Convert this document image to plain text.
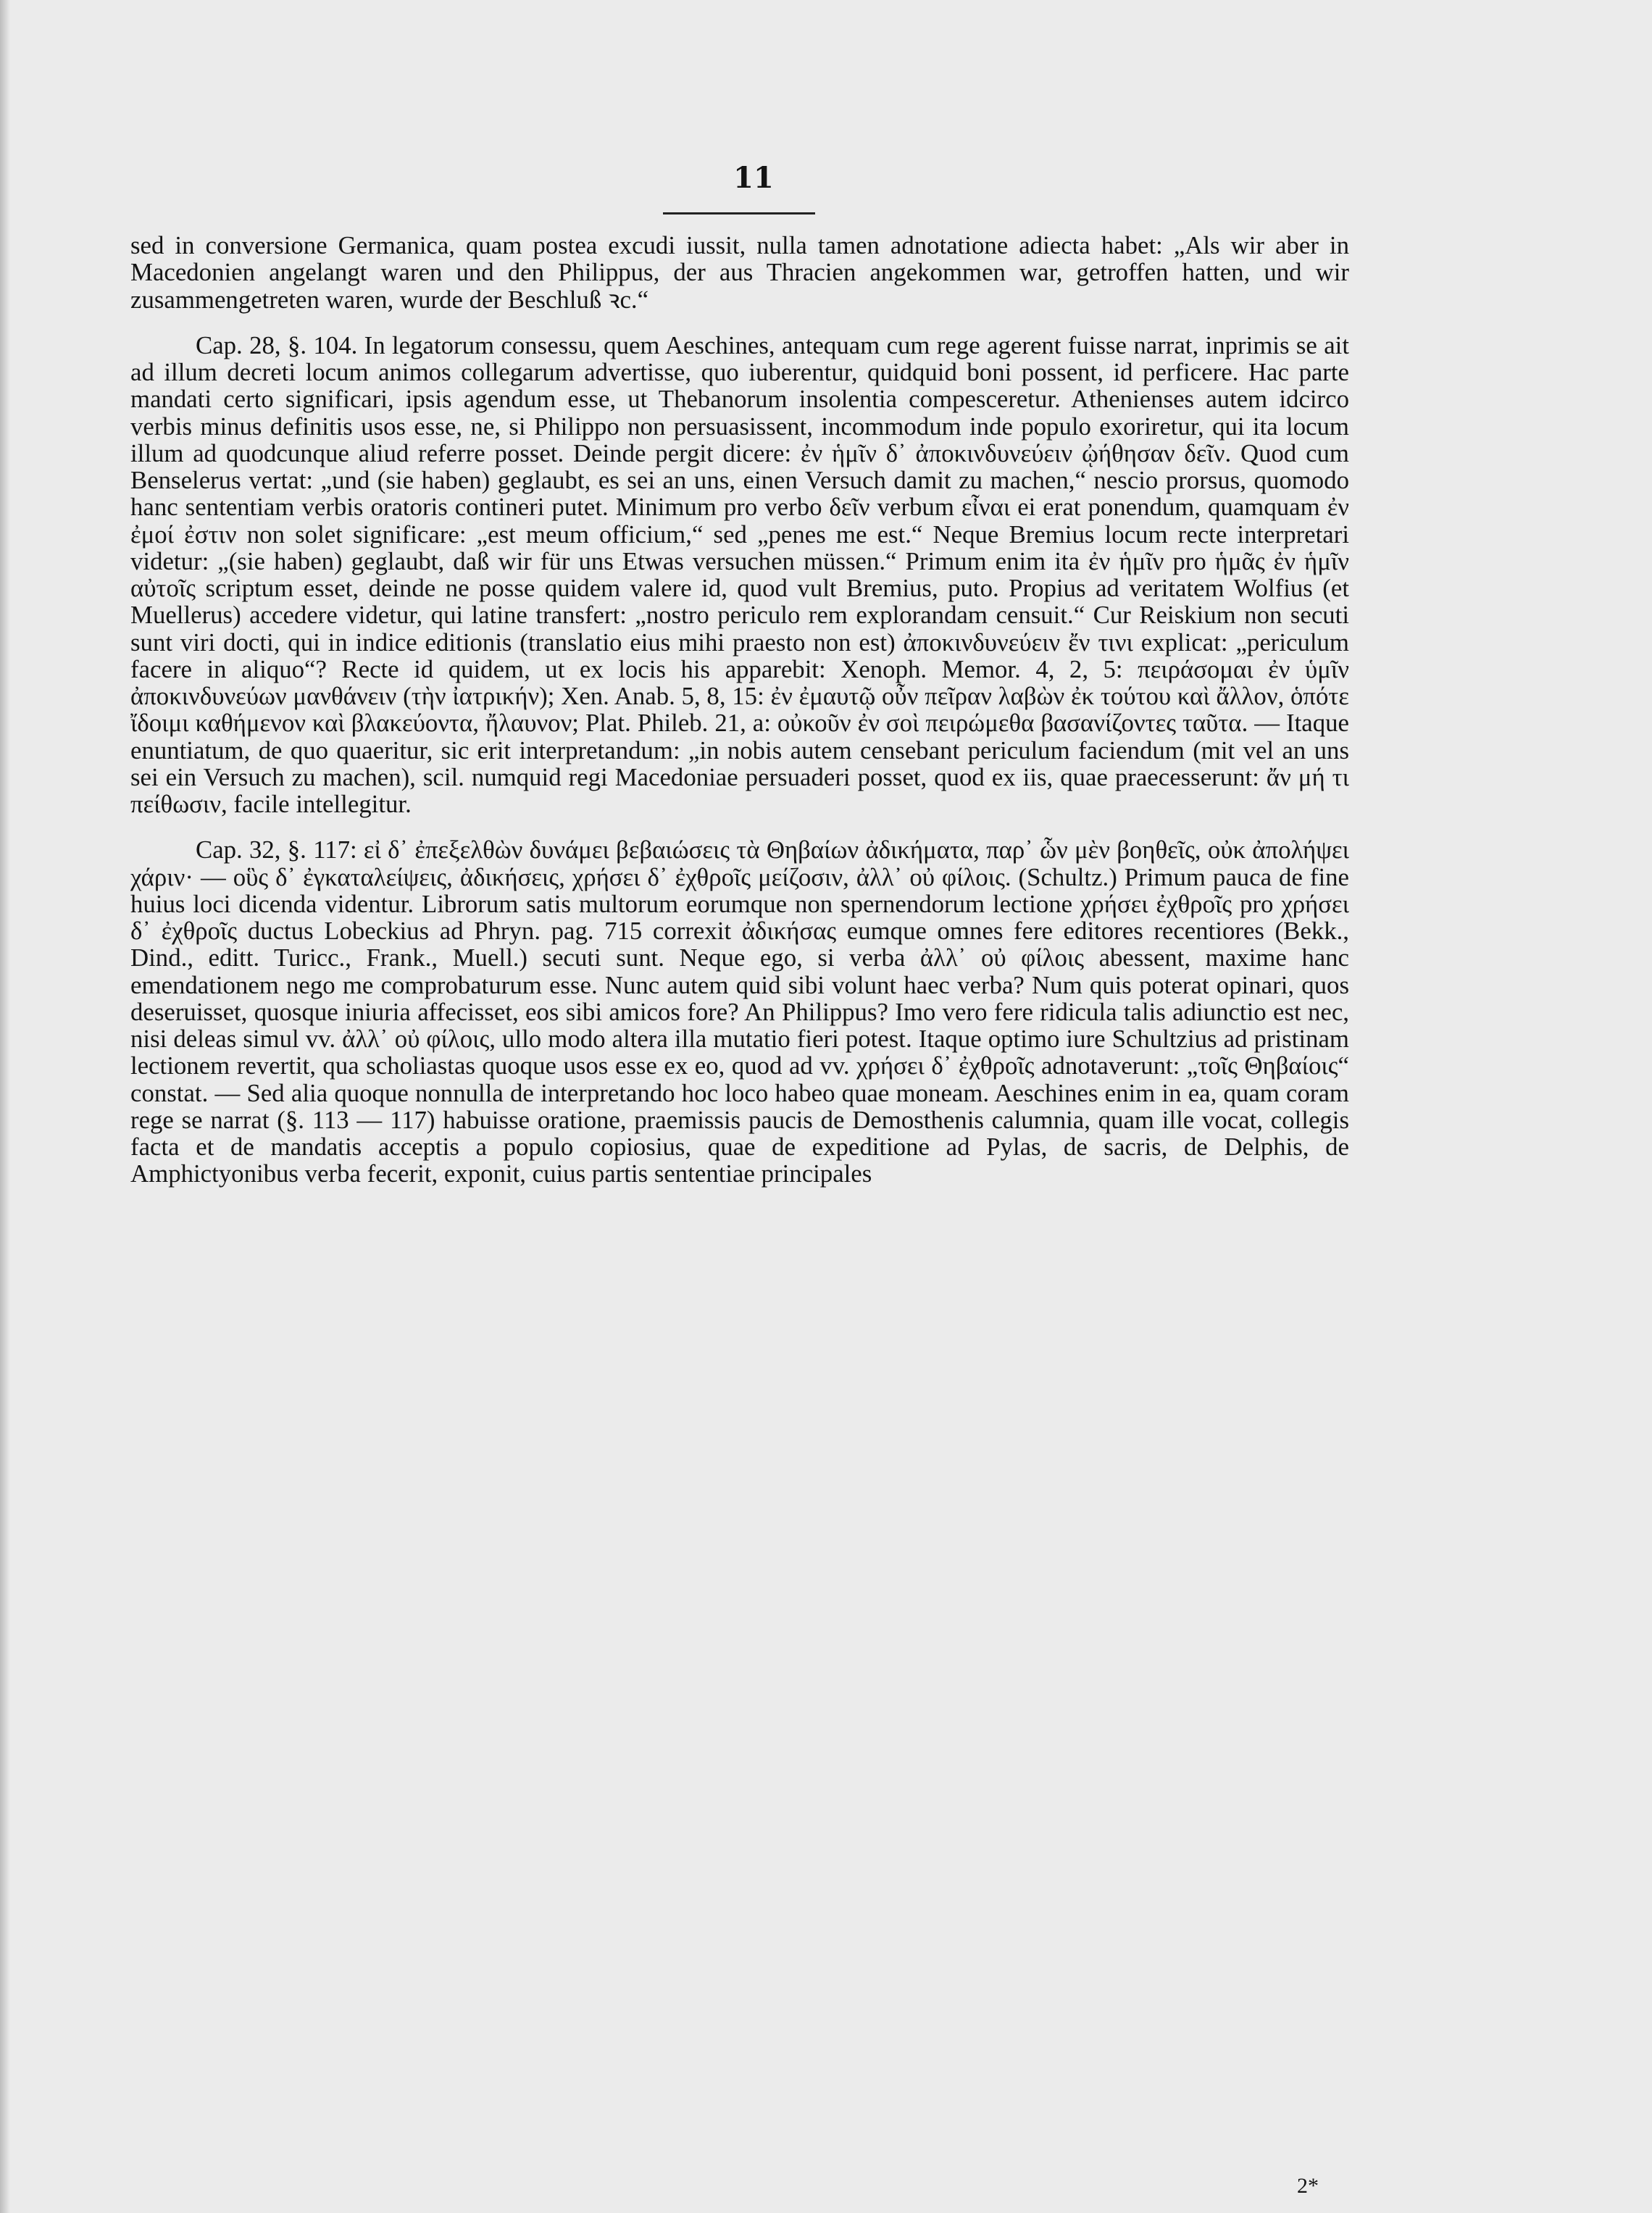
11

sed in conversione Germanica, quam postea excudi iussit, nulla tamen adnotatione adiecta habet: „Als wir aber in Macedonien angelangt waren und den Philippus, der aus Thracien angekommen war, getroffen hatten, und wir zusammengetreten waren, wurde der Beschluß ꝛc.“

Cap. 28, §. 104. In legatorum consessu, quem Aeschines, antequam cum rege agerent fuisse narrat, inprimis se ait ad illum decreti locum animos collegarum advertisse, quo iuberentur, quidquid boni possent, id perficere. Hac parte mandati certo significari, ipsis agendum esse, ut Thebanorum insolentia compesceretur. Athenienses autem idcirco verbis minus definitis usos esse, ne, si Philippo non persuasissent, incommodum inde populo exoriretur, qui ita locum illum ad quodcunque aliud referre posset. Deinde pergit dicere: ἐν ἡμῖν δ᾽ ἀποκινδυνεύειν ᾠήθησαν δεῖν. Quod cum Benselerus vertat: „und (sie haben) geglaubt, es sei an uns, einen Versuch damit zu machen,“ nescio prorsus, quomodo hanc sententiam verbis oratoris contineri putet. Minimum pro verbo δεῖν verbum εἶναι ei erat ponendum, quamquam ἐν ἐμοί ἐστιν non solet significare: „est meum officium,“ sed „penes me est.“ Neque Bremius locum recte interpretari videtur: „(sie haben) geglaubt, daß wir für uns Etwas versuchen müssen.“ Primum enim ita ἐν ἡμῖν pro ἡμᾶς ἐν ἡμῖν αὐτοῖς scriptum esset, deinde ne posse quidem valere id, quod vult Bremius, puto. Propius ad veritatem Wolfius (et Muellerus) accedere videtur, qui latine transfert: „nostro periculo rem explorandam censuit.“ Cur Reiskium non secuti sunt viri docti, qui in indice editionis (translatio eius mihi praesto non est) ἀποκινδυνεύειν ἔν τινι explicat: „periculum facere in aliquo“? Recte id quidem, ut ex locis his apparebit: Xenoph. Memor. 4, 2, 5: πειράσομαι ἐν ὑμῖν ἀποκινδυνεύων μανθάνειν (τὴν ἰατρικήν); Xen. Anab. 5, 8, 15: ἐν ἐμαυτῷ οὖν πεῖραν λαβὼν ἐκ τούτου καὶ ἄλλον, ὁπότε ἴδοιμι καθήμενον καὶ βλακεύοντα, ἤλαυνον; Plat. Phileb. 21, a: οὐκοῦν ἐν σοὶ πειρώμεθα βασανίζοντες ταῦτα. — Itaque enuntiatum, de quo quaeritur, sic erit interpretandum: „in nobis autem censebant periculum faciendum (mit vel an uns sei ein Versuch zu machen), scil. numquid regi Macedoniae persuaderi posset, quod ex iis, quae praecesserunt: ἄν μή τι πείθωσιν, facile intellegitur.

Cap. 32, §. 117: εἰ δ᾽ ἐπεξελθὼν δυνάμει βεβαιώσεις τὰ Θηβαίων ἀδικήματα, παρ᾽ ὧν μὲν βοηθεῖς, οὐκ ἀπολήψει χάριν· — οὓς δ᾽ ἐγκαταλείψεις, ἀδικήσεις, χρήσει δ᾽ ἐχθροῖς μείζοσιν, ἀλλ᾽ οὐ φίλοις. (Schultz.) Primum pauca de fine huius loci dicenda videntur. Librorum satis multorum eorumque non spernendorum lectione χρήσει ἐχθροῖς pro χρήσει δ᾽ ἐχθροῖς ductus Lobeckius ad Phryn. pag. 715 correxit ἀδικήσας eumque omnes fere editores recentiores (Bekk., Dind., editt. Turicc., Frank., Muell.) secuti sunt. Neque ego, si verba ἀλλ᾽ οὐ φίλοις abessent, maxime hanc emendationem nego me comprobaturum esse. Nunc autem quid sibi volunt haec verba? Num quis poterat opinari, quos deseruisset, quosque iniuria affecisset, eos sibi amicos fore? An Philippus? Imo vero fere ridicula talis adiunctio est nec, nisi deleas simul vv. ἀλλ᾽ οὐ φίλοις, ullo modo altera illa mutatio fieri potest. Itaque optimo iure Schultzius ad pristinam lectionem revertit, qua scholiastas quoque usos esse ex eo, quod ad vv. χρήσει δ᾽ ἐχθροῖς adnotaverunt: „τοῖς Θηβαίοις“ constat. — Sed alia quoque nonnulla de interpretando hoc loco habeo quae moneam. Aeschines enim in ea, quam coram rege se narrat (§. 113 — 117) habuisse oratione, praemissis paucis de Demosthenis calumnia, quam ille vocat, collegis facta et de mandatis acceptis a populo copiosius, quae de expeditione ad Pylas, de sacris, de Delphis, de Amphictyonibus verba fecerit, exponit, cuius partis sententiae principales

2*
